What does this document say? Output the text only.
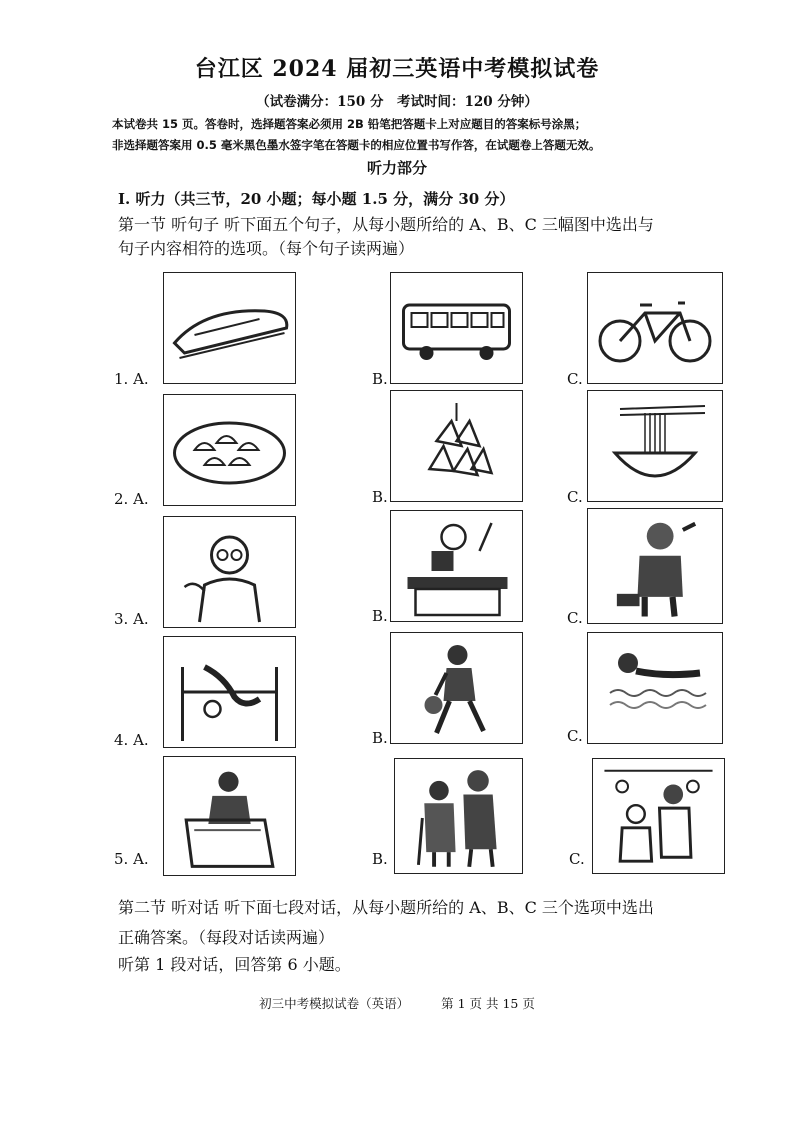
台江区 2024 届初三英语中考模拟试卷
（试卷满分：150 分　考试时间：120 分钟）
本试卷共 15 页。答卷时，选择题答案必须用 2B 铅笔把答题卡上对应题目的答案标号涂黑；
非选择题答案用 0.5 毫米黑色墨水签字笔在答题卡的相应位置书写作答，在试题卷上答题无效。
听力部分
I. 听力（共三节，20 小题；每小题 1.5 分，满分 30 分）
第一节 听句子 听下面五个句子，从每小题所给的 A、B、C 三幅图中选出与
句子内容相符的选项。（每个句子读两遍）
1. A.	B.	C.
2. A.	B.	C.
3. A.	B.	C.
4. A.	B.	C.
5. A.	B.	C.
第二节 听对话 听下面七段对话，从每小题所给的 A、B、C 三个选项中选出
正确答案。（每段对话读两遍）
听第 1 段对话，回答第 6 小题。
初三中考模拟试卷（英语）	第 1 页 共 15 页
